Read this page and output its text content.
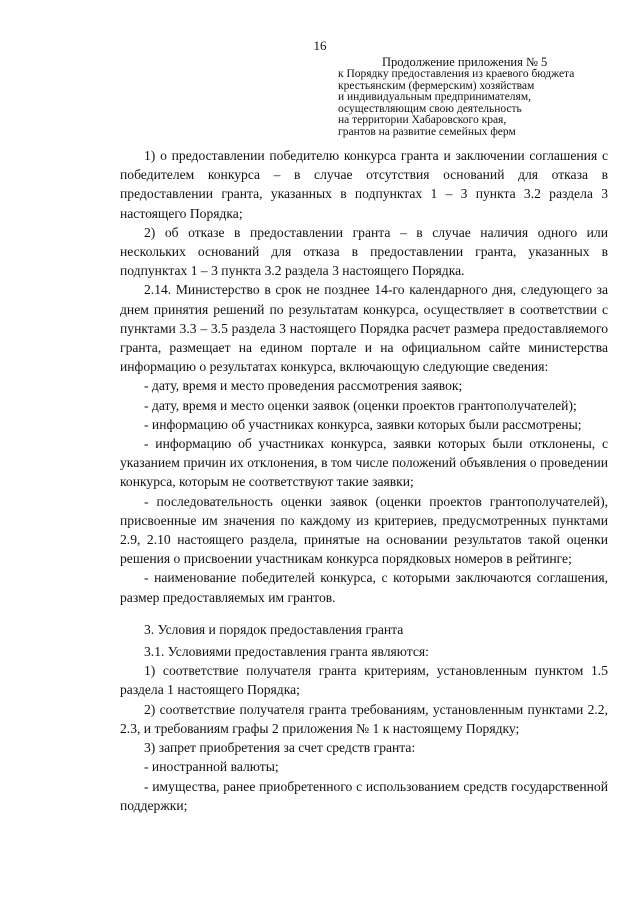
16
Продолжение приложения № 5
к Порядку предоставления из краевого бюджета
крестьянским (фермерским) хозяйствам
и индивидуальным предпринимателям,
осуществляющим свою деятельность
на территории Хабаровского края,
грантов на развитие семейных ферм

1) о предоставлении победителю конкурса гранта и заключении соглашения с победителем конкурса – в случае отсутствия оснований для отказа в предоставлении гранта, указанных в подпунктах 1 – 3 пункта 3.2 раздела 3 настоящего Порядка;

2) об отказе в предоставлении гранта – в случае наличия одного или нескольких оснований для отказа в предоставлении гранта, указанных в подпунктах 1 – 3 пункта 3.2 раздела 3 настоящего Порядка.

2.14. Министерство в срок не позднее 14-го календарного дня, следующего за днем принятия решений по результатам конкурса, осуществляет в соответствии с пунктами 3.3 – 3.5 раздела 3 настоящего Порядка расчет размера предоставляемого гранта, размещает на едином портале и на официальном сайте министерства информацию о результатах конкурса, включающую следующие сведения:

- дату, время и место проведения рассмотрения заявок;

- дату, время и место оценки заявок (оценки проектов грантополучателей);

- информацию об участниках конкурса, заявки которых были рассмотрены;

- информацию об участниках конкурса, заявки которых были отклонены, с указанием причин их отклонения, в том числе положений объявления о проведении конкурса, которым не соответствуют такие заявки;

- последовательность оценки заявок (оценки проектов грантополучателей), присвоенные им значения по каждому из критериев, предусмотренных пунктами 2.9, 2.10 настоящего раздела, принятые на основании результатов такой оценки решения о присвоении участникам конкурса порядковых номеров в рейтинге;

- наименование победителей конкурса, с которыми заключаются соглашения, размер предоставляемых им грантов.

3. Условия и порядок предоставления гранта

3.1. Условиями предоставления гранта являются:

1) соответствие получателя гранта критериям, установленным пунктом 1.5 раздела 1 настоящего Порядка;

2) соответствие получателя гранта требованиям, установленным пунктами 2.2, 2.3, и требованиям графы 2 приложения № 1 к настоящему Порядку;

3) запрет приобретения за счет средств гранта:

- иностранной валюты;

- имущества, ранее приобретенного с использованием средств государственной поддержки;
